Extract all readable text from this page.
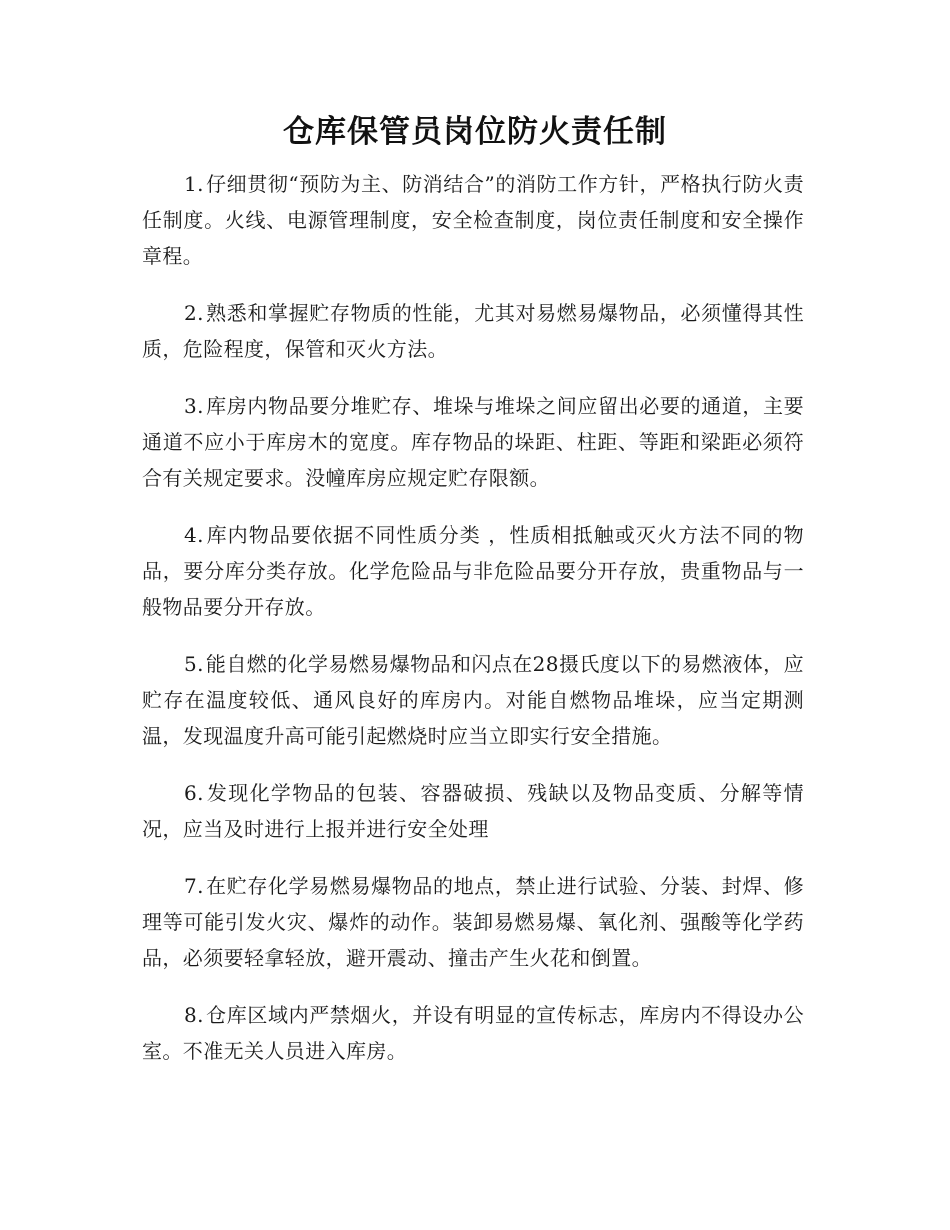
仓库保管员岗位防火责任制

1. 仔细贯彻“预防为主、防消结合”的消防工作方针，严格执行防火责任制度。火线、电源管理制度，安全检查制度，岗位责任制度和安全操作章程。

2. 熟悉和掌握贮存物质的性能，尤其对易燃易爆物品，必须懂得其性质，危险程度，保管和灭火方法。

3. 库房内物品要分堆贮存、堆垛与堆垛之间应留出必要的通道，主要通道不应小于库房木的宽度。库存物品的垛距、柱距、等距和梁距必须符合有关规定要求。没幢库房应规定贮存限额。

4. 库内物品要依据不同性质分类 ，性质相抵触或灭火方法不同的物品，要分库分类存放。化学危险品与非危险品要分开存放，贵重物品与一般物品要分开存放。

5. 能自燃的化学易燃易爆物品和闪点在28摄氏度以下的易燃液体，应贮存在温度较低、通风良好的库房内。对能自燃物品堆垛，应当定期测温，发现温度升高可能引起燃烧时应当立即实行安全措施。

6. 发现化学物品的包装、容器破损、残缺以及物品变质、分解等情况，应当及时进行上报并进行安全处理

7. 在贮存化学易燃易爆物品的地点，禁止进行试验、分装、封焊、修理等可能引发火灾、爆炸的动作。装卸易燃易爆、氧化剂、强酸等化学药品，必须要轻拿轻放，避开震动、撞击产生火花和倒置。

8. 仓库区域内严禁烟火，并设有明显的宣传标志，库房内不得设办公室。不准无关人员进入库房。
